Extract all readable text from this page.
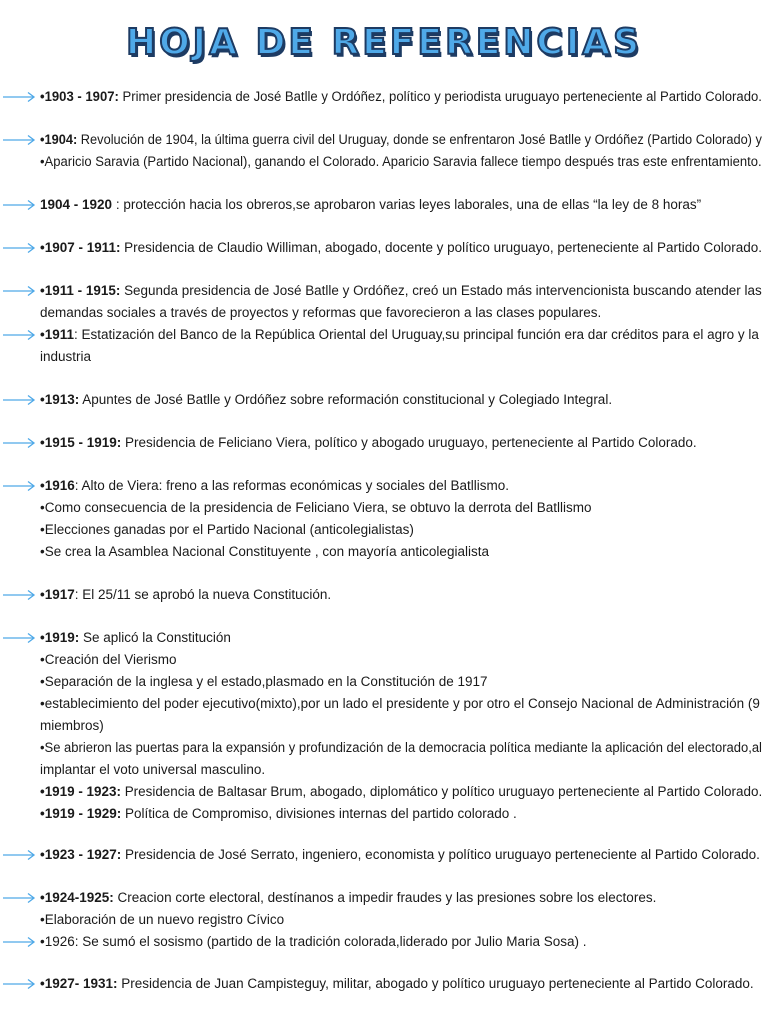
HOJA DE REFERENCIAS
•1903 - 1907: Primer presidencia de José Batlle y Ordóñez, político y periodista uruguayo perteneciente al Partido Colorado.
•1904: Revolución de 1904, la última guerra civil del Uruguay, donde se enfrentaron José Batlle y Ordóñez (Partido Colorado) y
•Aparicio Saravia (Partido Nacional), ganando el Colorado. Aparicio Saravia fallece tiempo después tras este enfrentamiento.
1904 - 1920 : protección hacia los obreros,se aprobaron varias leyes laborales, una de ellas “la ley de 8 horas”
•1907 - 1911: Presidencia de Claudio Williman, abogado, docente y político uruguayo, perteneciente al Partido Colorado.
•1911 - 1915: Segunda presidencia de José Batlle y Ordóñez, creó un Estado más intervencionista buscando atender las
demandas sociales a través de proyectos y reformas que favorecieron a las clases populares.
•1911: Estatización del Banco de la República Oriental del Uruguay,su principal función era dar créditos para el agro y la
industria
•1913: Apuntes de José Batlle y Ordóñez sobre reformación constitucional y Colegiado Integral.
•1915 - 1919: Presidencia de Feliciano Viera, político y abogado uruguayo, perteneciente al Partido Colorado.
•1916: Alto de Viera: freno a las reformas económicas y sociales del Batllismo.
•Como consecuencia de la presidencia de Feliciano Viera, se obtuvo la derrota del Batllismo
•Elecciones ganadas por el Partido Nacional (anticolegialistas)
•Se crea la Asamblea Nacional Constituyente , con mayoría anticolegialista
•1917: El 25/11 se aprobó la nueva Constitución.
•1919: Se aplicó la Constitución
•Creación del Vierismo
•Separación de la inglesa y el estado,plasmado en la Constitución de 1917
•establecimiento del poder ejecutivo(mixto),por un lado el presidente y por otro el Consejo Nacional de Administración (9
miembros)
•Se abrieron las puertas para la expansión y profundización de la democracia política mediante la aplicación del electorado,al
implantar el voto universal masculino.
•1919 - 1923: Presidencia de Baltasar Brum, abogado, diplomático y político uruguayo perteneciente al Partido Colorado.
•1919 - 1929: Política de Compromiso, divisiones internas del partido colorado .
•1923 - 1927: Presidencia de José Serrato, ingeniero, economista y político uruguayo perteneciente al Partido Colorado.
•1924-1925: Creacion corte electoral, destínanos a impedir fraudes y las presiones sobre los electores.
•Elaboración de un nuevo registro Cívico
•1926: Se sumó el sosismo (partido de la tradición colorada,liderado por Julio Maria Sosa) .
•1927- 1931: Presidencia de Juan Campisteguy, militar, abogado y político uruguayo perteneciente al Partido Colorado.
